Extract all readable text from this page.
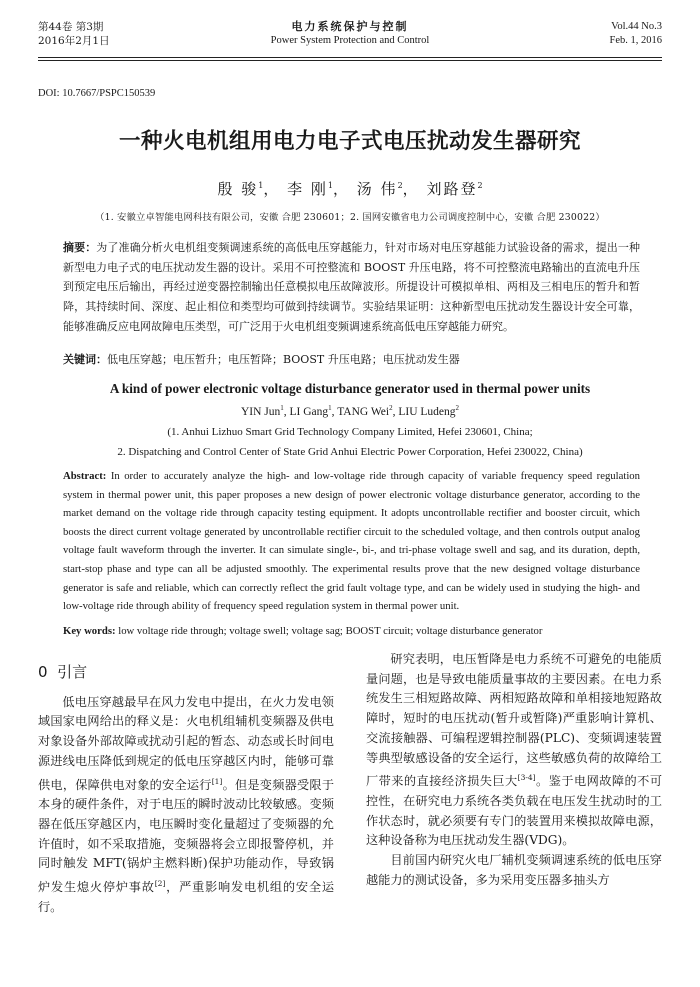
第44卷 第3期
2016年2月1日
电力系统保护与控制
Power System Protection and Control
Vol.44 No.3
Feb. 1, 2016
DOI: 10.7667/PSPC150539
一种火电机组用电力电子式电压扰动发生器研究
殷 骏$^1$， 李 刚$^1$， 汤 伟$^2$， 刘路登$^2$
（1. 安徽立卓智能电网科技有限公司，安徽 合肥 230601；2. 国网安徽省电力公司调度控制中心，安徽 合肥 230022）
摘要：为了准确分析火电机组变频调速系统的高低电压穿越能力，针对市场对电压穿越能力试验设备的需求，提出一种新型电力电子式的电压扰动发生器的设计。采用不可控整流和 BOOST 升压电路，将不可控整流电路输出的直流电升压到预定电压后输出，再经过逆变器控制输出任意模拟电压故障波形。所提设计可模拟单相、两相及三相电压的暂升和暂降，其持续时间、深度、起止相位和类型均可做到持续调节。实验结果证明：这种新型电压扰动发生器设计安全可靠，能够准确反应电网故障电压类型，可广泛用于火电机组变频调速系统高低电压穿越能力研究。
关键词：低电压穿越；电压暂升；电压暂降；BOOST 升压电路；电压扰动发生器
A kind of power electronic voltage disturbance generator used in thermal power units
YIN Jun$^1$, LI Gang$^1$, TANG Wei$^2$, LIU Ludeng$^2$
(1. Anhui Lizhuo Smart Grid Technology Company Limited, Hefei 230601, China;
2. Dispatching and Control Center of State Grid Anhui Electric Power Corporation, Hefei 230022, China)
Abstract: In order to accurately analyze the high- and low-voltage ride through capacity of variable frequency speed regulation system in thermal power unit, this paper proposes a new design of power electronic voltage disturbance generator, according to the market demand on the voltage ride through capacity testing equipment. It adopts uncontrollable rectifier and booster circuit, which boosts the direct current voltage generated by uncontrollable rectifier circuit to the scheduled voltage, and then controls output analog voltage fault waveform through the inverter. It can simulate single-, bi-, and tri-phase voltage swell and sag, and its duration, depth, start-stop phase and type can all be adjusted smoothly. The experimental results prove that the new designed voltage disturbance generator is safe and reliable, which can correctly reflect the grid fault voltage type, and can be widely used in studying the high- and low-voltage ride through ability of frequency speed regulation system in thermal power unit.
Key words: low voltage ride through; voltage swell; voltage sag; BOOST circuit; voltage disturbance generator
0 引言

低电压穿越最早在风力发电中提出，在火力发电领域国家电网给出的释义是：火电机组辅机变频器及供电对象设备外部故障或扰动引起的暂态、动态或长时间电源进线电压降低到规定的低电压穿越区内时，能够可靠供电，保障供电对象的安全运行[1]。但是变频器受限于本身的硬件条件，对于电压的瞬时波动比较敏感。变频器在低压穿越区内，电压瞬时变化量超过了变频器的允许值时，如不采取措施，变频器将会立即报警停机，并同时触发 MFT(锅炉主燃料断)保护功能动作，导致锅炉发生熄火停炉事故[2]，严重影响发电机组的安全运行。

研究表明，电压暂降是电力系统不可避免的电能质量问题，也是导致电能质量事故的主要因素。在电力系统发生三相短路故障、两相短路故障和单相接地短路故障时，短时的电压扰动(暂升或暂降)严重影响计算机、交流接触器、可编程逻辑控制器(PLC)、变频调速装置等典型敏感设备的安全运行，这些敏感负荷的故障给工厂带来的直接经济损失巨大[3-4]。鉴于电网故障的不可控性，在研究电力系统各类负载在电压发生扰动时的工作状态时，就必须要有专门的装置用来模拟故障电源，这种设备称为电压扰动发生器(VDG)。

目前国内研究火电厂辅机变频调速系统的低电压穿越能力的测试设备，多为采用变压器多抽头方
